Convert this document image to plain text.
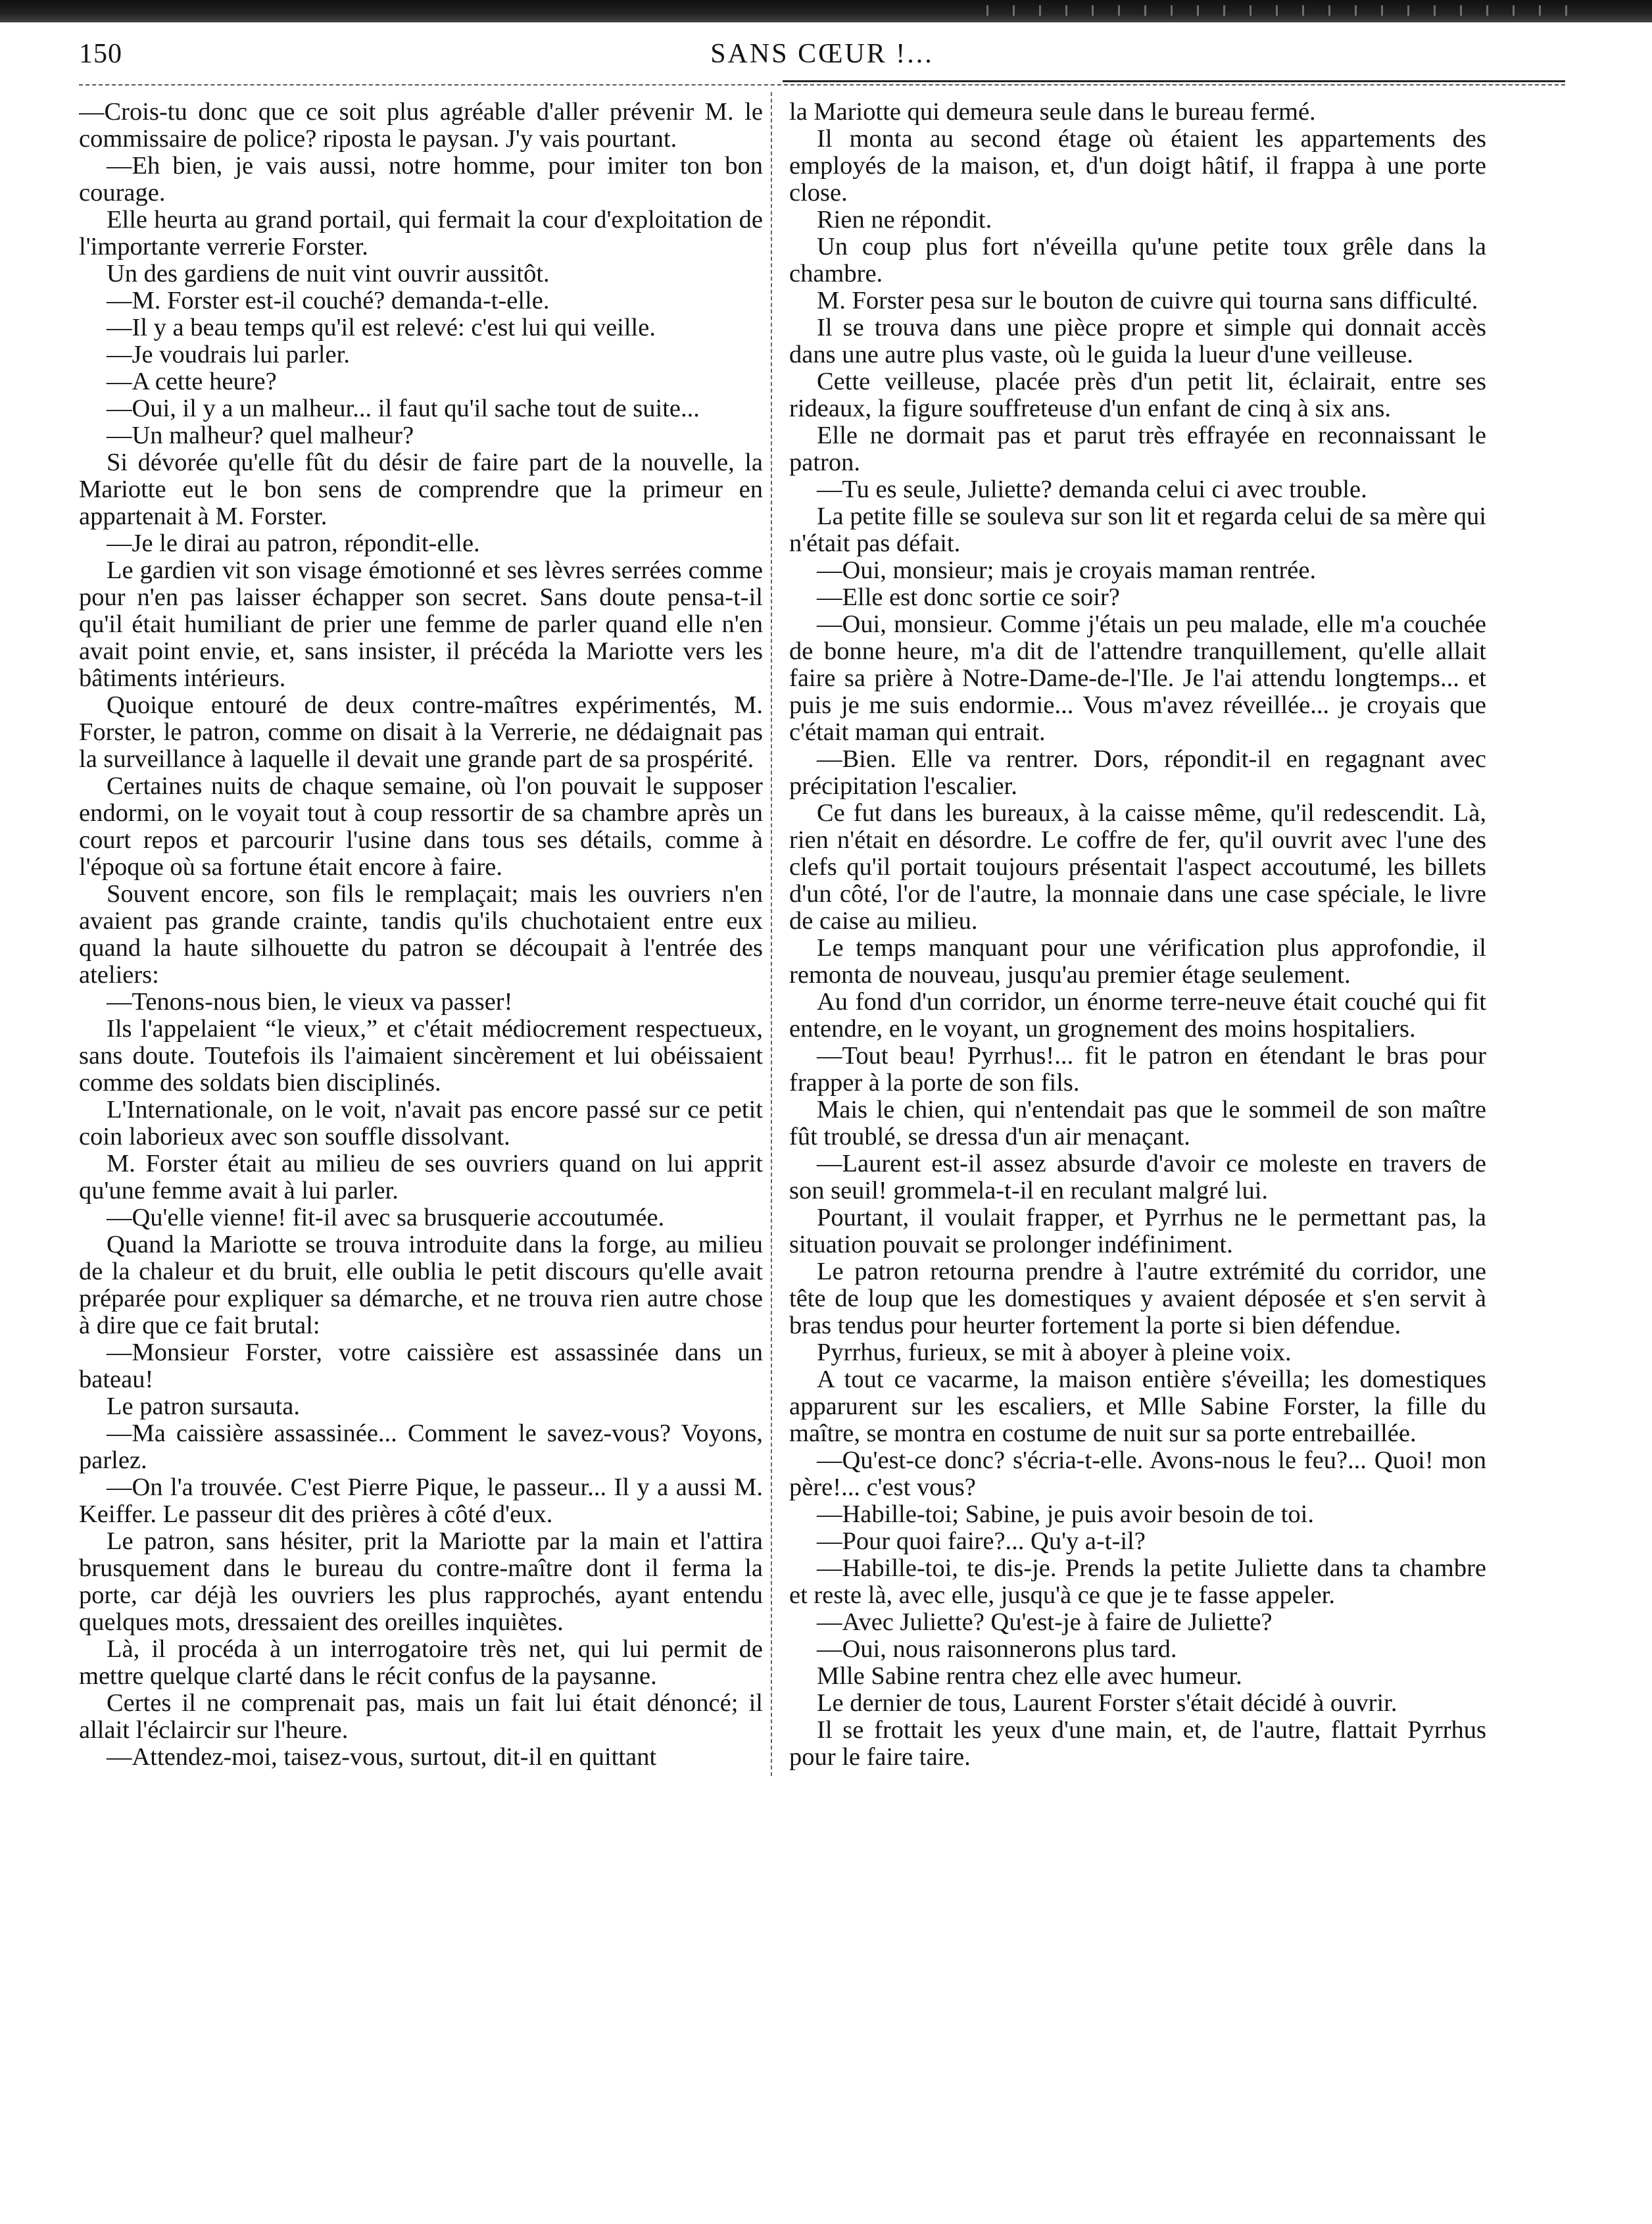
150	SANS CŒUR !...

—Crois-tu donc que ce soit plus agréable d'aller prévenir M. le commissaire de police? riposta le paysan. J'y vais pourtant.

—Eh bien, je vais aussi, notre homme, pour imiter ton bon courage.

Elle heurta au grand portail, qui fermait la cour d'exploitation de l'importante verrerie Forster.

Un des gardiens de nuit vint ouvrir aussitôt.

—M. Forster est-il couché? demanda-t-elle.

—Il y a beau temps qu'il est relevé: c'est lui qui veille.

—Je voudrais lui parler.

—A cette heure?

—Oui, il y a un malheur... il faut qu'il sache tout de suite...

—Un malheur? quel malheur?

Si dévorée qu'elle fût du désir de faire part de la nouvelle, la Mariotte eut le bon sens de comprendre que la primeur en appartenait à M. Forster.

—Je le dirai au patron, répondit-elle.

Le gardien vit son visage émotionné et ses lèvres serrées comme pour n'en pas laisser échapper son secret. Sans doute pensa-t-il qu'il était humiliant de prier une femme de parler quand elle n'en avait point envie, et, sans insister, il précéda la Mariotte vers les bâtiments intérieurs.

Quoique entouré de deux contre-maîtres expérimentés, M. Forster, le patron, comme on disait à la Verrerie, ne dédaignait pas la surveillance à laquelle il devait une grande part de sa prospérité.

Certaines nuits de chaque semaine, où l'on pouvait le supposer endormi, on le voyait tout à coup ressortir de sa chambre après un court repos et parcourir l'usine dans tous ses détails, comme à l'époque où sa fortune était encore à faire.

Souvent encore, son fils le remplaçait; mais les ouvriers n'en avaient pas grande crainte, tandis qu'ils chuchotaient entre eux quand la haute silhouette du patron se découpait à l'entrée des ateliers:

—Tenons-nous bien, le vieux va passer!

Ils l'appelaient “le vieux,” et c'était médiocrement respectueux, sans doute. Toutefois ils l'aimaient sincèrement et lui obéissaient comme des soldats bien disciplinés.

L'Internationale, on le voit, n'avait pas encore passé sur ce petit coin laborieux avec son souffle dissolvant.

M. Forster était au milieu de ses ouvriers quand on lui apprit qu'une femme avait à lui parler.

—Qu'elle vienne! fit-il avec sa brusquerie accoutumée.

Quand la Mariotte se trouva introduite dans la forge, au milieu de la chaleur et du bruit, elle oublia le petit discours qu'elle avait préparée pour expliquer sa démarche, et ne trouva rien autre chose à dire que ce fait brutal:

—Monsieur Forster, votre caissière est assassinée dans un bateau!

Le patron sursauta.

—Ma caissière assassinée... Comment le savez-vous? Voyons, parlez.

—On l'a trouvée. C'est Pierre Pique, le passeur... Il y a aussi M. Keiffer. Le passeur dit des prières à côté d'eux.

Le patron, sans hésiter, prit la Mariotte par la main et l'attira brusquement dans le bureau du contre-maître dont il ferma la porte, car déjà les ouvriers les plus rapprochés, ayant entendu quelques mots, dressaient des oreilles inquiètes.

Là, il procéda à un interrogatoire très net, qui lui permit de mettre quelque clarté dans le récit confus de la paysanne.

Certes il ne comprenait pas, mais un fait lui était dénoncé; il allait l'éclaircir sur l'heure.

—Attendez-moi, taisez-vous, surtout, dit-il en quittant

la Mariotte qui demeura seule dans le bureau fermé.

Il monta au second étage où étaient les appartements des employés de la maison, et, d'un doigt hâtif, il frappa à une porte close.

Rien ne répondit.

Un coup plus fort n'éveilla qu'une petite toux grêle dans la chambre.

M. Forster pesa sur le bouton de cuivre qui tourna sans difficulté.

Il se trouva dans une pièce propre et simple qui donnait accès dans une autre plus vaste, où le guida la lueur d'une veilleuse.

Cette veilleuse, placée près d'un petit lit, éclairait, entre ses rideaux, la figure souffreteuse d'un enfant de cinq à six ans.

Elle ne dormait pas et parut très effrayée en reconnaissant le patron.

—Tu es seule, Juliette? demanda celui ci avec trouble.

La petite fille se souleva sur son lit et regarda celui de sa mère qui n'était pas défait.

—Oui, monsieur; mais je croyais maman rentrée.

—Elle est donc sortie ce soir?

—Oui, monsieur. Comme j'étais un peu malade, elle m'a couchée de bonne heure, m'a dit de l'attendre tranquillement, qu'elle allait faire sa prière à Notre-Dame-de-l'Ile. Je l'ai attendu longtemps... et puis je me suis endormie... Vous m'avez réveillée... je croyais que c'était maman qui entrait.

—Bien. Elle va rentrer. Dors, répondit-il en regagnant avec précipitation l'escalier.

Ce fut dans les bureaux, à la caisse même, qu'il redescendit. Là, rien n'était en désordre. Le coffre de fer, qu'il ouvrit avec l'une des clefs qu'il portait toujours présentait l'aspect accoutumé, les billets d'un côté, l'or de l'autre, la monnaie dans une case spéciale, le livre de caise au milieu.

Le temps manquant pour une vérification plus approfondie, il remonta de nouveau, jusqu'au premier étage seulement.

Au fond d'un corridor, un énorme terre-neuve était couché qui fit entendre, en le voyant, un grognement des moins hospitaliers.

—Tout beau! Pyrrhus!... fit le patron en étendant le bras pour frapper à la porte de son fils.

Mais le chien, qui n'entendait pas que le sommeil de son maître fût troublé, se dressa d'un air menaçant.

—Laurent est-il assez absurde d'avoir ce moleste en travers de son seuil! grommela-t-il en reculant malgré lui.

Pourtant, il voulait frapper, et Pyrrhus ne le permettant pas, la situation pouvait se prolonger indéfiniment.

Le patron retourna prendre à l'autre extrémité du corridor, une tête de loup que les domestiques y avaient déposée et s'en servit à bras tendus pour heurter fortement la porte si bien défendue.

Pyrrhus, furieux, se mit à aboyer à pleine voix.

A tout ce vacarme, la maison entière s'éveilla; les domestiques apparurent sur les escaliers, et Mlle Sabine Forster, la fille du maître, se montra en costume de nuit sur sa porte entrebaillée.

—Qu'est-ce donc? s'écria-t-elle. Avons-nous le feu?... Quoi! mon père!... c'est vous?

—Habille-toi; Sabine, je puis avoir besoin de toi.

—Pour quoi faire?... Qu'y a-t-il?

—Habille-toi, te dis-je. Prends la petite Juliette dans ta chambre et reste là, avec elle, jusqu'à ce que je te fasse appeler.

—Avec Juliette? Qu'est-je à faire de Juliette?

—Oui, nous raisonnerons plus tard.

Mlle Sabine rentra chez elle avec humeur.

Le dernier de tous, Laurent Forster s'était décidé à ouvrir.

Il se frottait les yeux d'une main, et, de l'autre, flattait Pyrrhus pour le faire taire.
